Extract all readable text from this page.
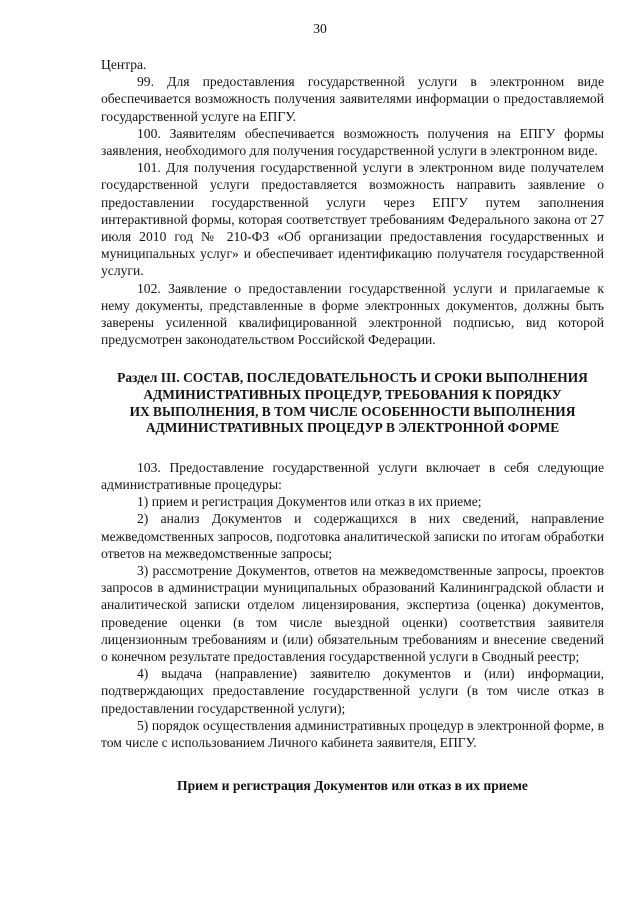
30

Центра.

99. Для предоставления государственной услуги в электронном виде обеспечивается возможность получения заявителями информации о предоставляемой государственной услуге на ЕПГУ.

100. Заявителям обеспечивается возможность получения на ЕПГУ формы заявления, необходимого для получения государственной услуги в электронном виде.

101. Для получения государственной услуги в электронном виде получателем государственной услуги предоставляется возможность направить заявление о предоставлении государственной услуги через ЕПГУ путем заполнения интерактивной формы, которая соответствует требованиям Федерального закона от 27 июля 2010 год № 210-ФЗ «Об организации предоставления государственных и муниципальных услуг» и обеспечивает идентификацию получателя государственной услуги.

102. Заявление о предоставлении государственной услуги и прилагаемые к нему документы, представленные в форме электронных документов, должны быть заверены усиленной квалифицированной электронной подписью, вид которой предусмотрен законодательством Российской Федерации.

Раздел III. СОСТАВ, ПОСЛЕДОВАТЕЛЬНОСТЬ И СРОКИ ВЫПОЛНЕНИЯ
АДМИНИСТРАТИВНЫХ ПРОЦЕДУР, ТРЕБОВАНИЯ К ПОРЯДКУ
ИХ ВЫПОЛНЕНИЯ, В ТОМ ЧИСЛЕ ОСОБЕННОСТИ ВЫПОЛНЕНИЯ
АДМИНИСТРАТИВНЫХ ПРОЦЕДУР В ЭЛЕКТРОННОЙ ФОРМЕ

103. Предоставление государственной услуги включает в себя следующие административные процедуры:

1) прием и регистрация Документов или отказ в их приеме;

2) анализ Документов и содержащихся в них сведений, направление межведомственных запросов, подготовка аналитической записки по итогам обработки ответов на межведомственные запросы;

3) рассмотрение Документов, ответов на межведомственные запросы, проектов запросов в администрации муниципальных образований Калининградской области и аналитической записки отделом лицензирования, экспертиза (оценка) документов, проведение оценки (в том числе выездной оценки) соответствия заявителя лицензионным требованиям и (или) обязательным требованиям и внесение сведений о конечном результате предоставления государственной услуги в Сводный реестр;

4) выдача (направление) заявителю документов и (или) информации, подтверждающих предоставление государственной услуги (в том числе отказ в предоставлении государственной услуги);

5) порядок осуществления административных процедур в электронной форме, в том числе с использованием Личного кабинета заявителя, ЕПГУ.

Прием и регистрация Документов или отказ в их приеме
